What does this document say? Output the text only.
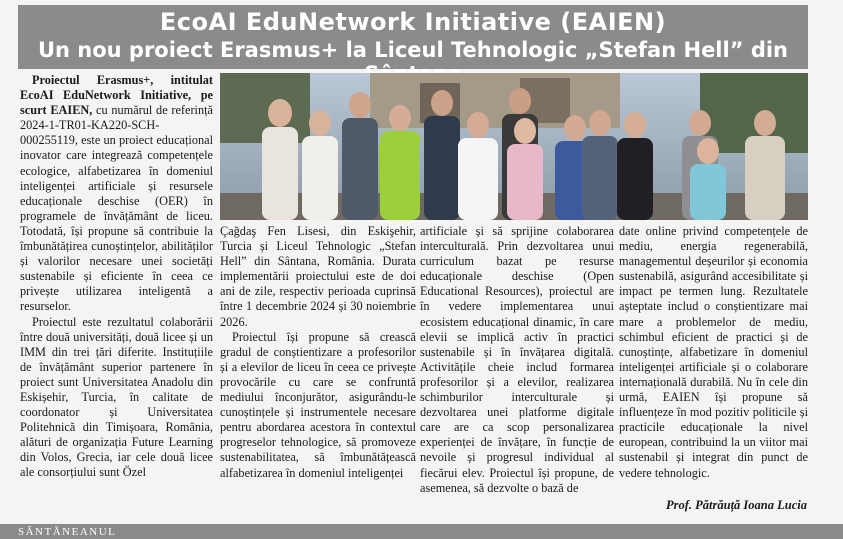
EcoAI EduNetwork Initiative (EAIEN)
Un nou proiect Erasmus+ la Liceul Tehnologic „Stefan Hell” din

Proiectul Erasmus+, intitulat EcoAI EduNetwork Initiative, pe scurt EAIEN, cu numărul de referință 2024-1-TR01-KA220-SCH-000255119, este un proiect educațional inovator care integrează competențele ecologice, alfabetizarea în domeniul inteligenței artificiale și resursele educaționale deschise (OER) în programele de învățământ de liceu. Totodată, își propune să contribuie la îmbunătățirea cunoștințelor, abilităților și valorilor necesare unei societăți sustenabile și eficiente în ceea ce privește utilizarea inteligentă a resurselor.

Proiectul este rezultatul colaborării între două universități, două licee și un IMM din trei țări diferite. Instituțiile de învățământ superior partenere în proiect sunt Universitatea Anadolu din Eskișehir, Turcia, în calitate de coordonator și Universitatea Politehnică din Timișoara, România, alături de organizația Future Learning din Volos, Grecia, iar cele două licee ale consorțiului sunt Özel

Çağdaş Fen Lisesi, din Eskişehir, Turcia și Liceul Tehnologic „Stefan Hell” din Sântana, România. Durata implementării proiectului este de doi ani de zile, respectiv perioada cuprinsă între 1 decembrie 2024 și 30 noiembrie 2026.

Proiectul își propune să crească gradul de conștientizare a profesorilor și a elevilor de liceu în ceea ce privește provocările cu care se confruntă mediului înconjurător, asigurându-le cunoștințele și instrumentele necesare pentru abordarea acestora în contextul progreselor tehnologice, să promoveze sustenabilitatea, să îmbunătățească alfabetizarea în domeniul inteligenței

artificiale și să sprijine colaborarea interculturală. Prin dezvoltarea unui curriculum bazat pe resurse educaționale deschise (Open Educational Resources), proiectul are în vedere implementarea unui ecosistem educațional dinamic, în care elevii se implică activ în practici sustenabile și în învățarea digitală. Activitățile cheie includ formarea profesorilor și a elevilor, realizarea schimburilor interculturale și dezvoltarea unei platforme digitale care are ca scop personalizarea experienței de învățare, în funcție de nevoile și progresul individual al fiecărui elev. Proiectul își propune, de asemenea, să dezvolte o bază de

date online privind competențele de mediu, energia regenerabilă, managementul deșeurilor și economia sustenabilă, asigurând accesibilitate și impact pe termen lung. Rezultatele așteptate includ o conștientizare mai mare a problemelor de mediu, schimbul eficient de practici și de cunoștințe, alfabetizare în domeniul inteligenței artificiale și o colaborare internațională durabilă. Nu în cele din urmă, EAIEN își propune să influențeze în mod pozitiv politicile și practicile educaționale la nivel european, contribuind la un viitor mai sustenabil și integrat din punct de vedere tehnologic.

Prof. Pătrăuță Ioana Lucia
SÂNTĂNEANUL
